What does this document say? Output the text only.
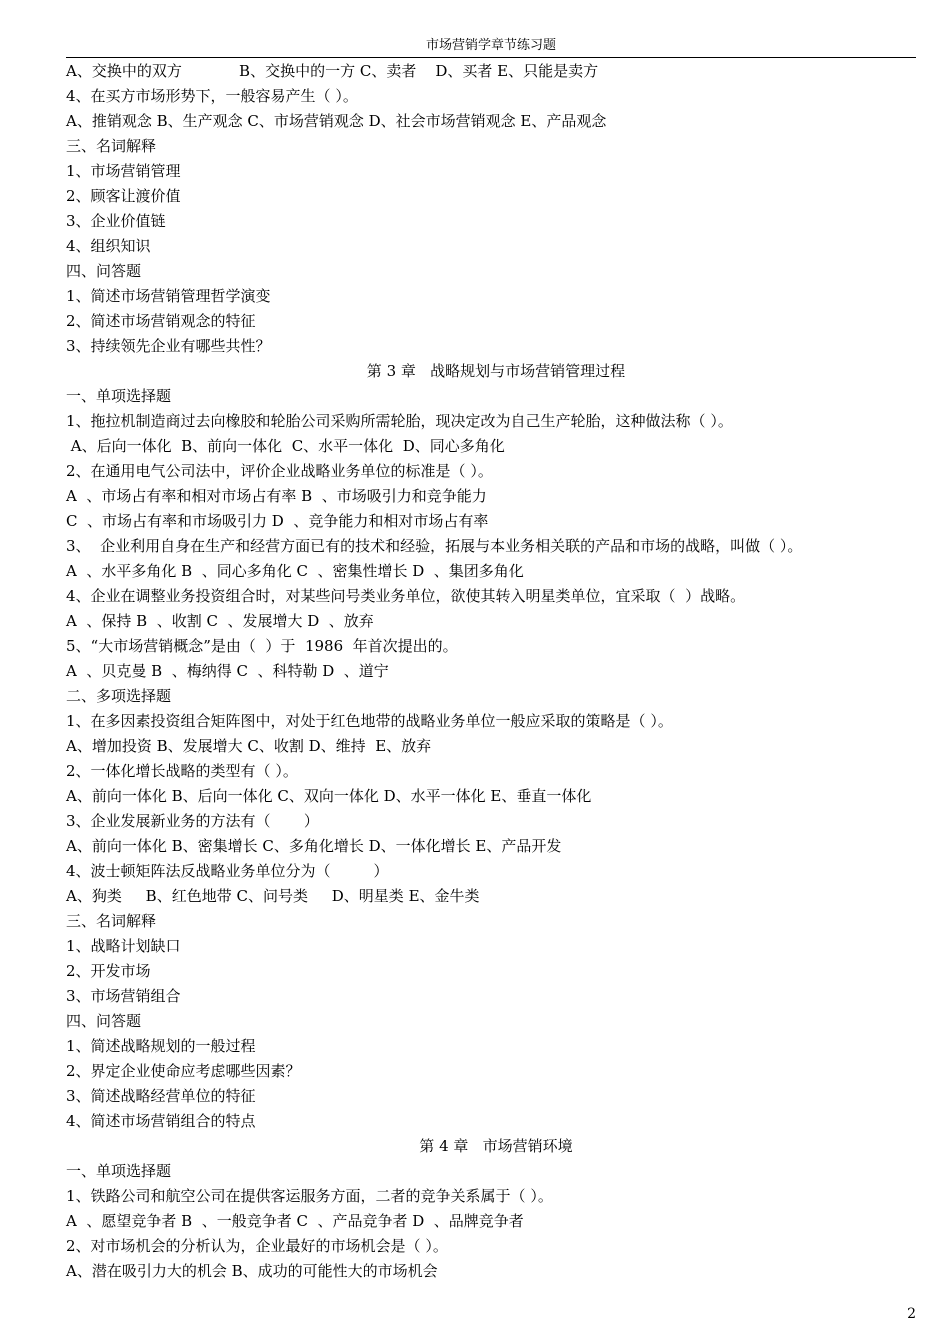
市场营销学章节练习题
A、交换中的双方            B、交换中的一方 C、卖者    D、买者 E、只能是卖方
4、在买方市场形势下，一般容易产生（ ）。
A、推销观念 B、生产观念 C、市场营销观念 D、社会市场营销观念 E、产品观念
三、名词解释
1、市场营销管理
2、顾客让渡价值
3、企业价值链
4、组织知识
四、问答题
1、简述市场营销管理哲学演变
2、简述市场营销观念的特征
3、持续领先企业有哪些共性？
第 3 章   战略规划与市场营销管理过程
一、单项选择题
1、拖拉机制造商过去向橡胶和轮胎公司采购所需轮胎，现决定改为自己生产轮胎，这种做法称（ ）。
A、后向一体化  B、前向一体化  C、水平一体化  D、同心多角化
2、在通用电气公司法中，评价企业战略业务单位的标准是（ ）。
A  、市场占有率和相对市场占有率 B  、市场吸引力和竞争能力
C  、市场占有率和市场吸引力 D  、竞争能力和相对市场占有率
3、  企业利用自身在生产和经营方面已有的技术和经验，拓展与本业务相关联的产品和市场的战略，叫做（ ）。
A  、水平多角化 B  、同心多角化 C  、密集性增长 D  、集团多角化
4、企业在调整业务投资组合时，对某些问号类业务单位，欲使其转入明星类单位，宜采取（  ）战略。
A  、保持 B  、收割 C  、发展增大 D  、放弃
5、“大市场营销概念”是由（  ）于  1986  年首次提出的。
A  、贝克曼 B  、梅纳得 C  、科特勒 D  、道宁
二、多项选择题
1、在多因素投资组合矩阵图中，对处于红色地带的战略业务单位一般应采取的策略是（ ）。
A、增加投资 B、发展增大 C、收割 D、维持  E、放弃
2、一体化增长战略的类型有（ ）。
A、前向一体化 B、后向一体化 C、双向一体化 D、水平一体化 E、垂直一体化
3、企业发展新业务的方法有（       ）
A、前向一体化 B、密集增长 C、多角化增长 D、一体化增长 E、产品开发
4、波士顿矩阵法反战略业务单位分为（         ）
A、狗类     B、红色地带 C、问号类     D、明星类 E、金牛类
三、名词解释
1、战略计划缺口
2、开发市场
3、市场营销组合
四、问答题
1、简述战略规划的一般过程
2、界定企业使命应考虑哪些因素？
3、简述战略经营单位的特征
4、简述市场营销组合的特点
第 4 章   市场营销环境
一、单项选择题
1、铁路公司和航空公司在提供客运服务方面，二者的竞争关系属于（ ）。
A  、愿望竞争者 B  、一般竞争者 C  、产品竞争者 D  、品牌竞争者
2、对市场机会的分析认为，企业最好的市场机会是（ ）。
A、潜在吸引力大的机会 B、成功的可能性大的市场机会
2
